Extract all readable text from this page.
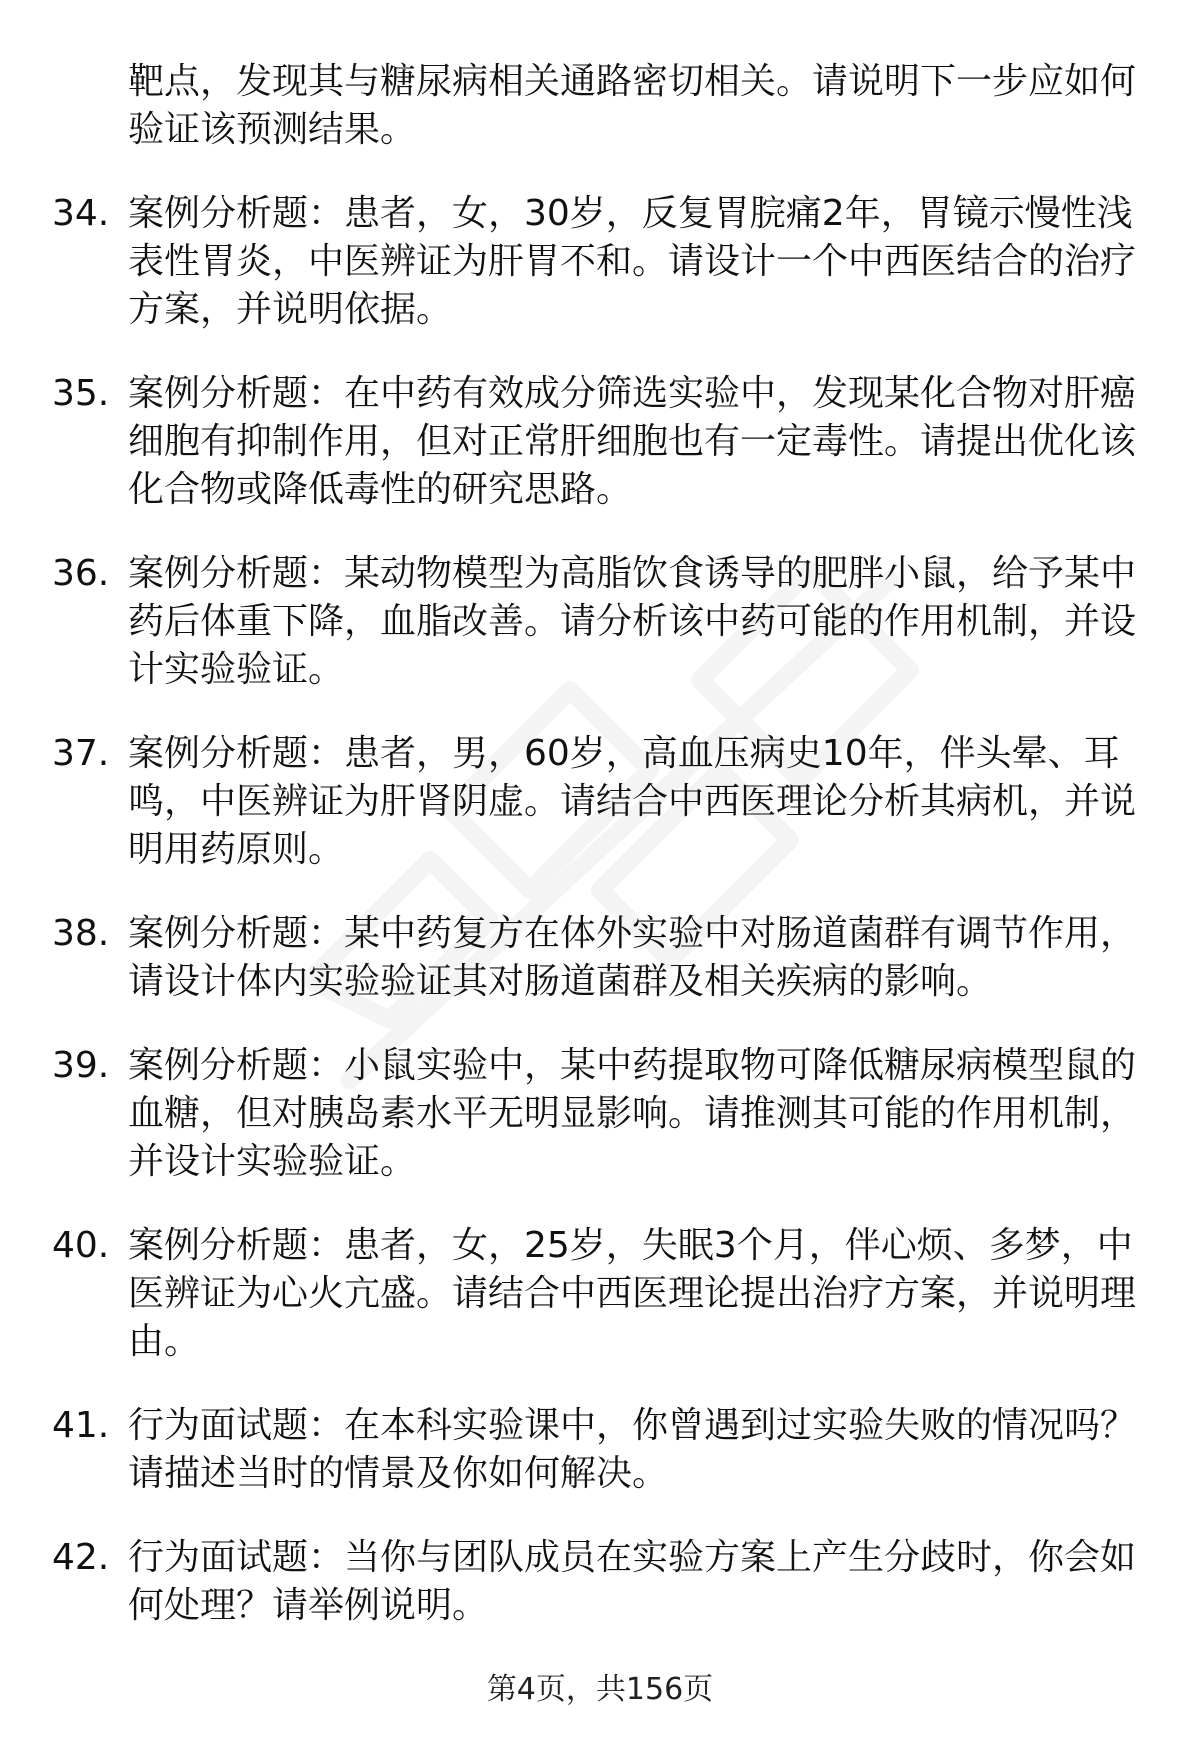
靶点，发现其与糖尿病相关通路密切相关。请说明下一步应如何验证该预测结果。
34. 案例分析题：患者，女，30岁，反复胃脘痛2年，胃镜示慢性浅表性胃炎，中医辨证为肝胃不和。请设计一个中西医结合的治疗方案，并说明依据。

35. 案例分析题：在中药有效成分筛选实验中，发现某化合物对肝癌细胞有抑制作用，但对正常肝细胞也有一定毒性。请提出优化该化合物或降低毒性的研究思路。

36. 案例分析题：某动物模型为高脂饮食诱导的肥胖小鼠，给予某中药后体重下降，血脂改善。请分析该中药可能的作用机制，并设计实验验证。

37. 案例分析题：患者，男，60岁，高血压病史10年，伴头晕、耳鸣，中医辨证为肝肾阴虚。请结合中西医理论分析其病机，并说明用药原则。

38. 案例分析题：某中药复方在体外实验中对肠道菌群有调节作用，请设计体内实验验证其对肠道菌群及相关疾病的影响。

39. 案例分析题：小鼠实验中，某中药提取物可降低糖尿病模型鼠的血糖，但对胰岛素水平无明显影响。请推测其可能的作用机制，并设计实验验证。

40. 案例分析题：患者，女，25岁，失眠3个月，伴心烦、多梦，中医辨证为心火亢盛。请结合中西医理论提出治疗方案，并说明理由。

41. 行为面试题：在本科实验课中，你曾遇到过实验失败的情况吗？请描述当时的情景及你如何解决。

42. 行为面试题：当你与团队成员在实验方案上产生分歧时，你会如何处理？请举例说明。

第4页，共156页
